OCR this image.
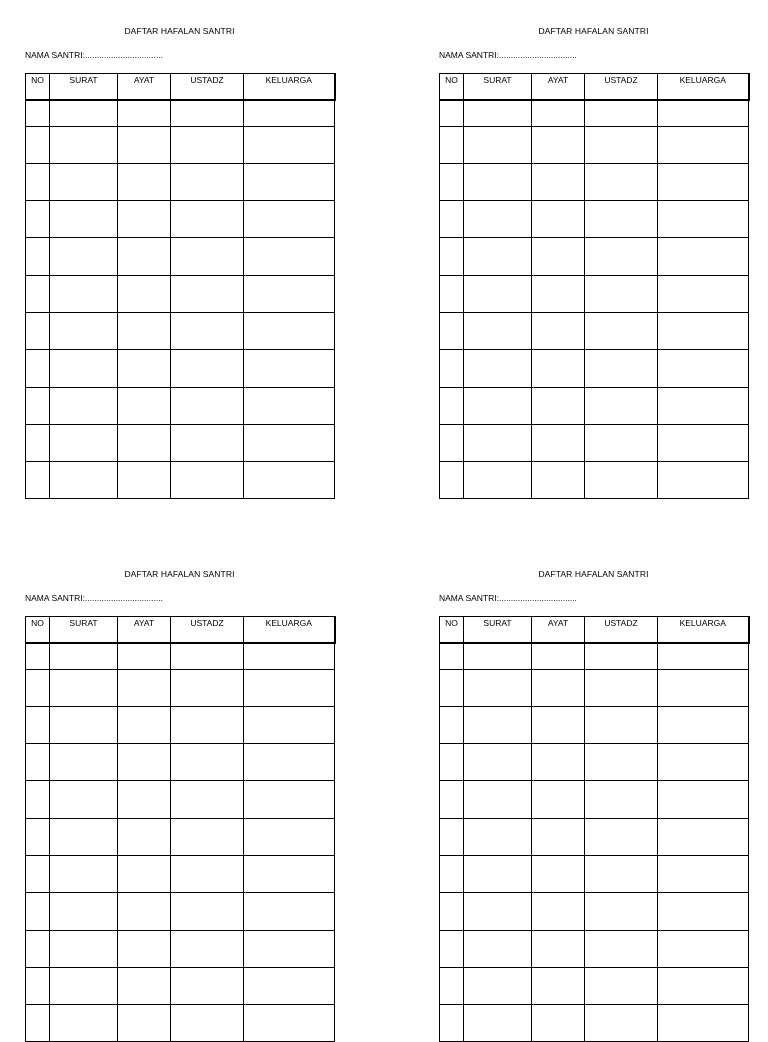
DAFTAR HAFALAN SANTRI
NAMA SANTRI:.................................
NO	SURAT	AYAT	USTADZ	KELUARGA

DAFTAR HAFALAN SANTRI
NAMA SANTRI:.................................
NO	SURAT	AYAT	USTADZ	KELUARGA

DAFTAR HAFALAN SANTRI
NAMA SANTRI:.................................
NO	SURAT	AYAT	USTADZ	KELUARGA

DAFTAR HAFALAN SANTRI
NAMA SANTRI:.................................
NO	SURAT	AYAT	USTADZ	KELUARGA
